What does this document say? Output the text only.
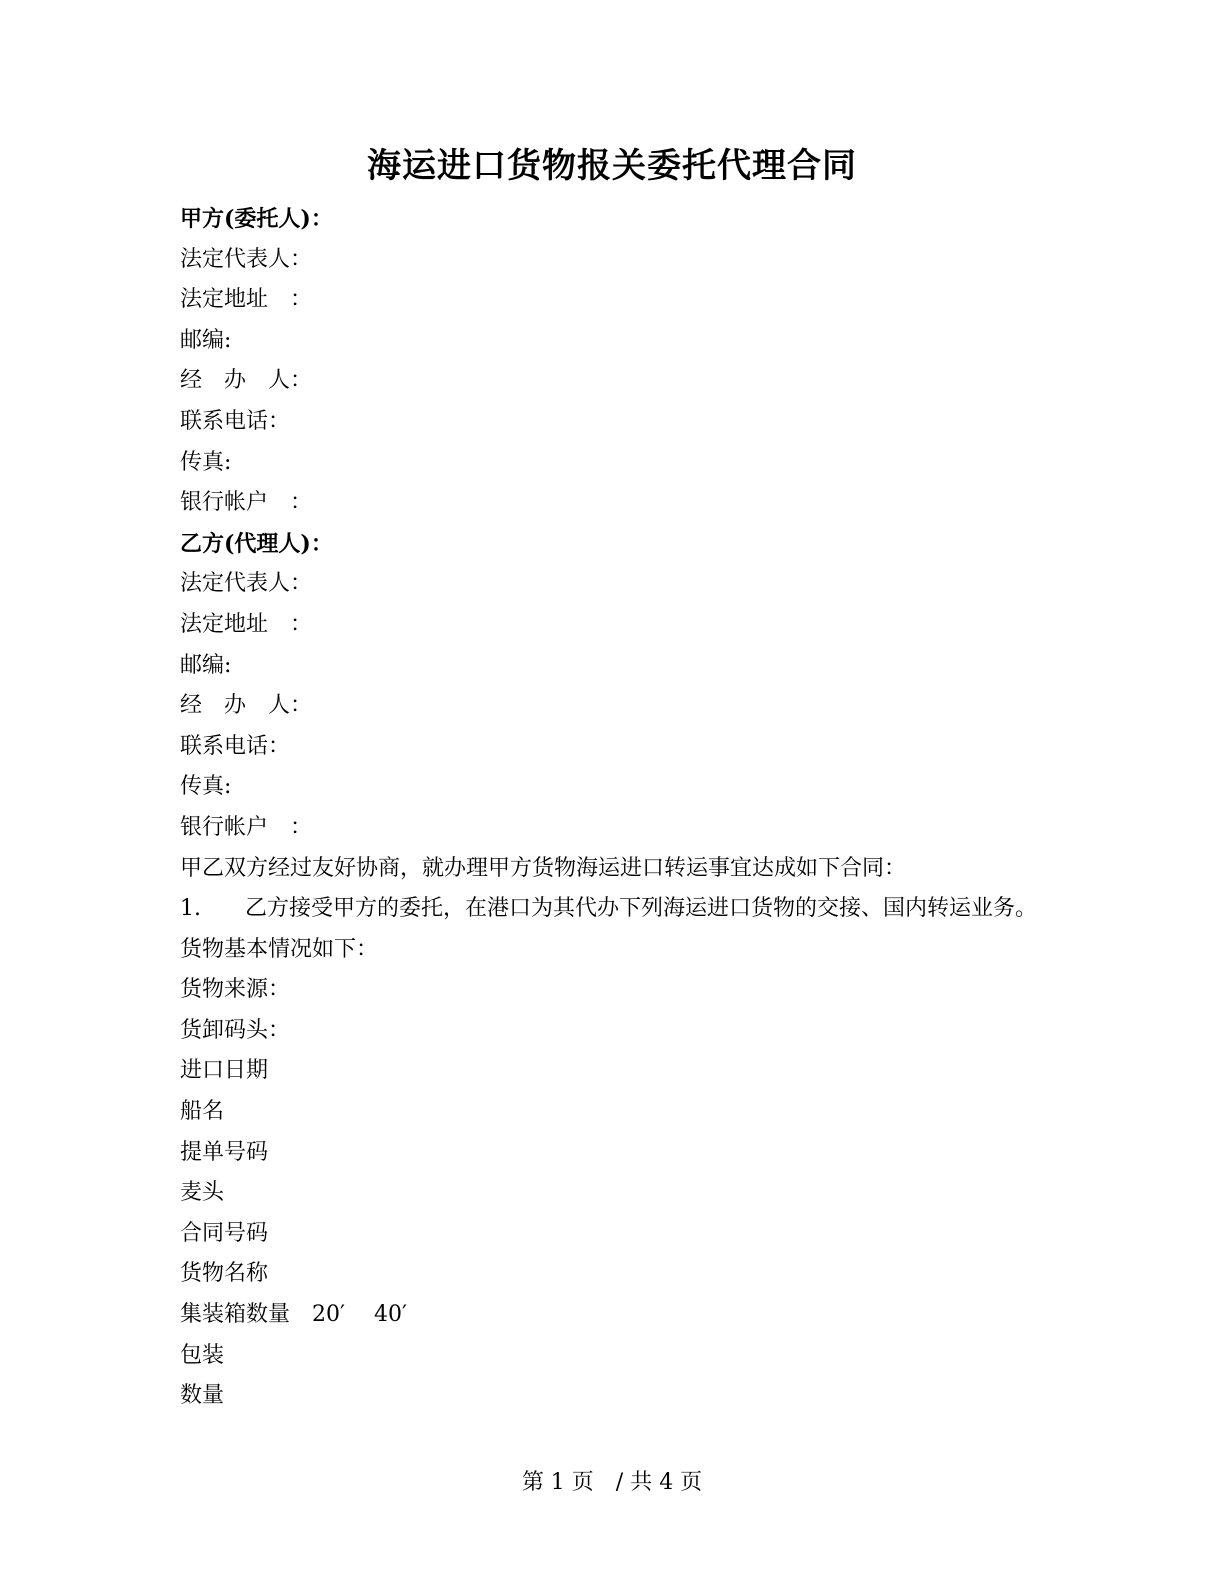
海运进口货物报关委托代理合同
甲方(委托人)：
法定代表人：
法定地址　：
邮编:
经　办　人：
联系电话：
传真:
银行帐户　：
乙方(代理人)：
法定代表人：
法定地址　：
邮编:
经　办　人：
联系电话：
传真:
银行帐户　：
甲乙双方经过友好协商，就办理甲方货物海运进口转运事宜达成如下合同：
1.　　乙方接受甲方的委托，在港口为其代办下列海运进口货物的交接、国内转运业务。货物基本情况如下：
货物来源：
货卸码头：
进口日期
船名
提单号码
麦头
合同号码
货物名称
集装箱数量　20′　 40′
包装
数量
第 1 页　/ 共 4 页
